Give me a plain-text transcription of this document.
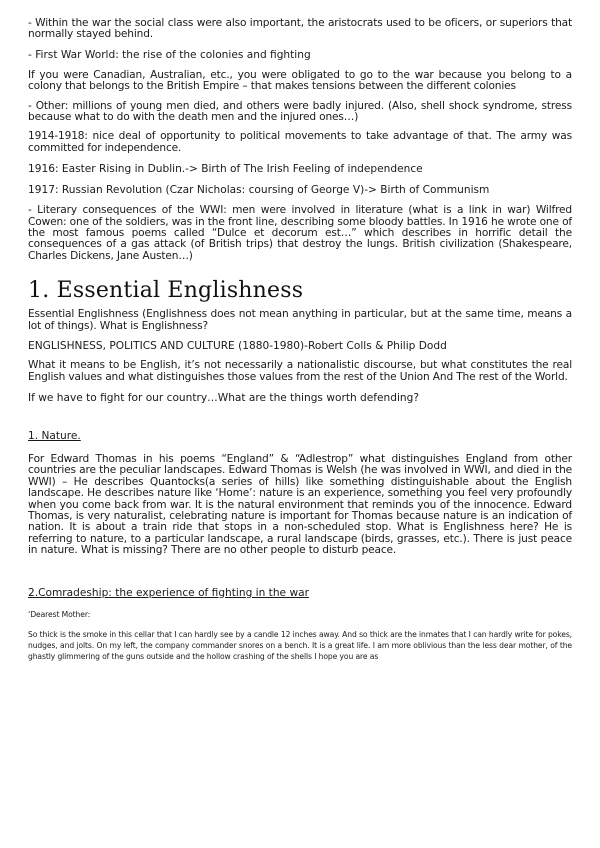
- Within the war the social class were also important, the aristocrats used to be oficers, or superiors that normally stayed behind.

- First War World: the rise of the colonies and fighting

If you were Canadian, Australian, etc., you were obligated to go to the war because you belong to a colony that belongs to the British Empire – that makes tensions between the different colonies

- Other: millions of young men died, and others were badly injured. (Also, shell shock syndrome, stress because what to do with the death men and the injured ones…)

1914-1918: nice deal of opportunity to political movements to take advantage of that. The army was committed for independence.

1916: Easter Rising in Dublin.-> Birth of The Irish Feeling of independence

1917: Russian Revolution (Czar Nicholas: coursing of George V)-> Birth of Communism

- Literary consequences of the WWI: men were involved in literature (what is a link in war) Wilfred Cowen: one of the soldiers, was in the front line, describing some bloody battles. In 1916 he wrote one of the most famous poems called “Dulce et decorum est…” which describes in horrific detail the consequences of a gas attack (of British trips) that destroy the lungs. British civilization (Shakespeare, Charles Dickens, Jane Austen…)

1. Essential Englishness

Essential Englishness (Englishness does not mean anything in particular, but at the same time, means a lot of things). What is Englishness?

ENGLISHNESS, POLITICS AND CULTURE (1880-1980)-Robert Colls & Philip Dodd

What it means to be English, it’s not necessarily a nationalistic discourse, but what constitutes the real English values and what distinguishes those values from the rest of the Union And The rest of the World.

If we have to fight for our country…What are the things worth defending?

1. Nature.

For Edward Thomas in his poems “England” & “Adlestrop” what distinguishes England from other countries are the peculiar landscapes. Edward Thomas is Welsh (he was involved in WWI, and died in the WWI) – He describes Quantocks(a series of hills) like something distinguishable about the English landscape. He describes nature like ‘Home’: nature is an experience, something you feel very profoundly when you come back from war. It is the natural environment that reminds you of the innocence. Edward Thomas, is very naturalist, celebrating nature is important for Thomas because nature is an indication of nation. It is about a train ride that stops in a non-scheduled stop. What is Englishness here? He is referring to nature, to a particular landscape, a rural landscape (birds, grasses, etc.). There is just peace in nature. What is missing? There are no other people to disturb peace.

2.Comradeship: the experience of fighting in the war

‘Dearest Mother:

So thick is the smoke in this cellar that I can hardly see by a candle 12 inches away. And so thick are the inmates that I can hardly write for pokes, nudges, and jolts. On my left, the company commander snores on a bench. It is a great life. I am more oblivious than the less dear mother, of the ghastly glimmering of the guns outside and the hollow crashing of the shells I hope you are as
